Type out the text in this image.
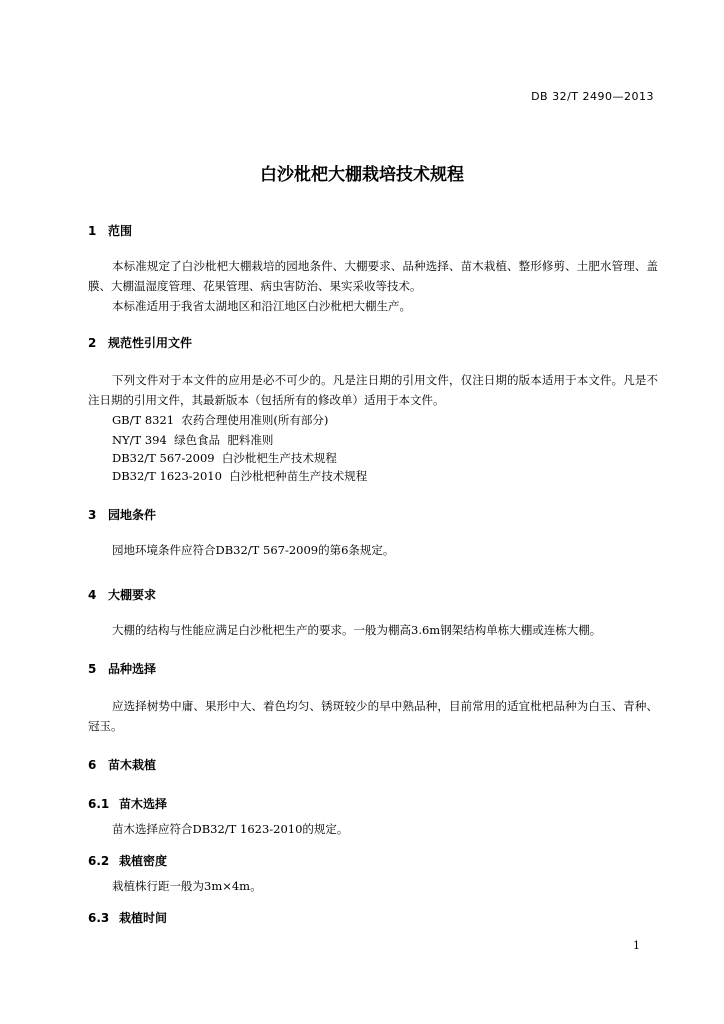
DB 32/T 2490—2013
白沙枇杷大棚栽培技术规程
1 范围
本标准规定了白沙枇杷大棚栽培的园地条件、大棚要求、品种选择、苗木栽植、整形修剪、土肥水管理、盖膜、大棚温湿度管理、花果管理、病虫害防治、果实采收等技术。
本标准适用于我省太湖地区和沿江地区白沙枇杷大棚生产。
2 规范性引用文件
下列文件对于本文件的应用是必不可少的。凡是注日期的引用文件，仅注日期的版本适用于本文件。凡是不注日期的引用文件，其最新版本（包括所有的修改单）适用于本文件。
GB/T 8321  农药合理使用准则(所有部分)
NY/T 394  绿色食品  肥料准则
DB32/T 567-2009  白沙枇杷生产技术规程
DB32/T 1623-2010  白沙枇杷种苗生产技术规程
3 园地条件
园地环境条件应符合DB32/T 567-2009的第6条规定。
4 大棚要求
大棚的结构与性能应满足白沙枇杷生产的要求。一般为棚高3.6m钢架结构单栋大棚或连栋大棚。
5 品种选择
应选择树势中庸、果形中大、着色均匀、锈斑较少的早中熟品种，目前常用的适宜枇杷品种为白玉、青种、冠玉。
6 苗木栽植
6.1 苗木选择
苗木选择应符合DB32/T 1623-2010的规定。
6.2 栽植密度
栽植株行距一般为3m×4m。
6.3 栽植时间
1
